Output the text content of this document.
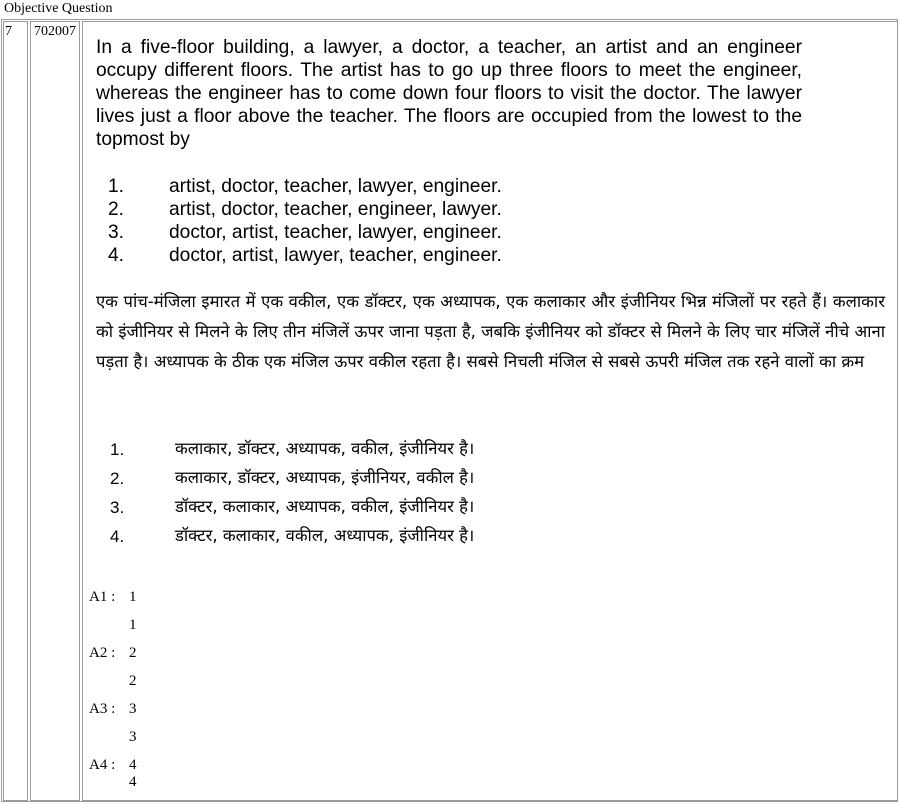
Objective Question
7 702007
In a five-floor building, a lawyer, a doctor, a teacher, an artist and an engineer occupy different floors. The artist has to go up three floors to meet the engineer, whereas the engineer has to come down four floors to visit the doctor. The lawyer lives just a floor above the teacher. The floors are occupied from the lowest to the topmost by
1. artist, doctor, teacher, lawyer, engineer.
2. artist, doctor, teacher, engineer, lawyer.
3. doctor, artist, teacher, lawyer, engineer.
4. doctor, artist, lawyer, teacher, engineer.
एक पांच-मंजिला इमारत में एक वकील, एक डॉक्टर, एक अध्यापक, एक कलाकार और इंजीनियर भिन्न मंजिलों पर रहते हैं। कलाकार को इंजीनियर से मिलने के लिए तीन मंजिलें ऊपर जाना पड़ता है, जबकि इंजीनियर को डॉक्टर से मिलने के लिए चार मंजिलें नीचे आना पड़ता है। अध्यापक के ठीक एक मंजिल ऊपर वकील रहता है। सबसे निचली मंजिल से सबसे ऊपरी मंजिल तक रहने वालों का क्रम
1.	कलाकार, डॉक्टर, अध्यापक, वकील, इंजीनियर है।
2.	कलाकार, डॉक्टर, अध्यापक, इंजीनियर, वकील है।
3.	डॉक्टर, कलाकार, अध्यापक, वकील, इंजीनियर है।
4.	डॉक्टर, कलाकार, वकील, अध्यापक, इंजीनियर है।
A1 : 1
1
A2 : 2
2
A3 : 3
3
A4 : 4
4
